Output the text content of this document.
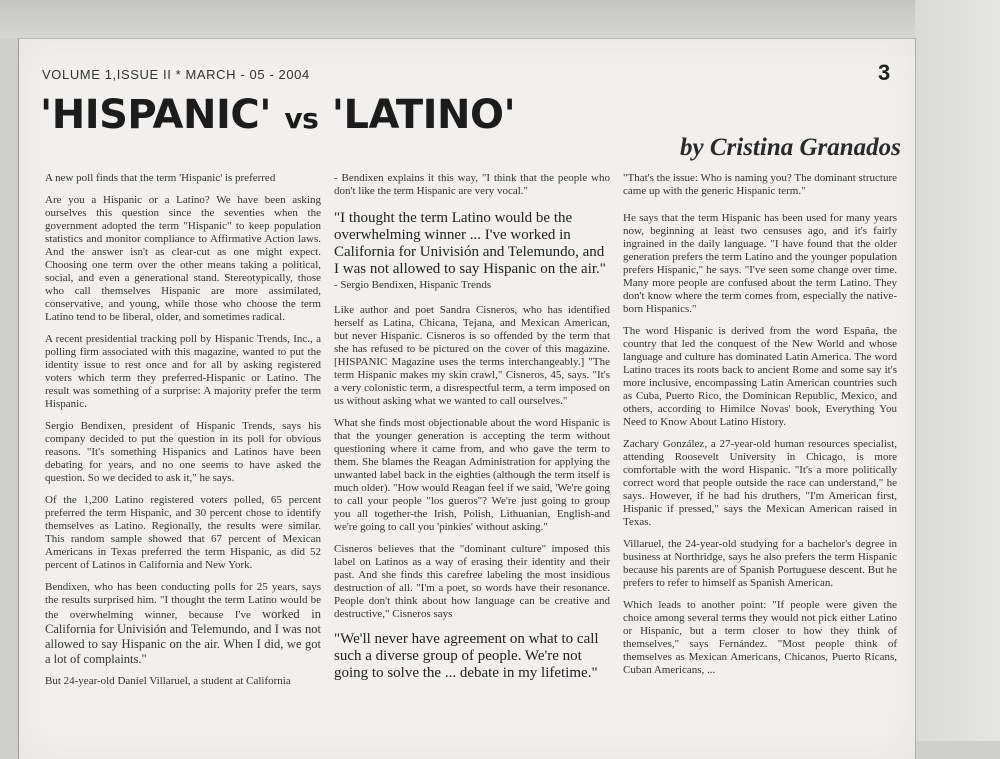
VOLUME 1,ISSUE II * MARCH - 05 - 2004	3
'HISPANIC' vs 'LATINO'
by Cristina Granados

A new poll finds that the term 'Hispanic' is preferred

Are you a Hispanic or a Latino? We have been asking ourselves this question since the seventies when the government adopted the term "Hispanic" to keep population statistics and monitor compliance to Affirmative Action laws. And the answer isn't as clear-cut as one might expect. Choosing one term over the other means taking a political, social, and even a generational stand. Stereotypically, those who call themselves Hispanic are more assimilated, conservative, and young, while those who choose the term Latino tend to be liberal, older, and sometimes radical.

A recent presidential tracking poll by Hispanic Trends, Inc., a polling firm associated with this magazine, wanted to put the identity issue to rest once and for all by asking registered voters which term they preferred-Hispanic or Latino. The result was something of a surprise: A majority prefer the term Hispanic.

Sergio Bendixen, president of Hispanic Trends, says his company decided to put the question in its poll for obvious reasons. "It's something Hispanics and Latinos have been debating for years, and no one seems to have asked the question. So we decided to ask it," he says.

Of the 1,200 Latino registered voters polled, 65 percent preferred the term Hispanic, and 30 percent chose to identify themselves as Latino. Regionally, the results were similar. This random sample showed that 67 percent of Mexican Americans in Texas preferred the term Hispanic, as did 52 percent of Latinos in California and New York.

Bendixen, who has been conducting polls for 25 years, says the results surprised him. "I thought the term Latino would be the overwhelming winner, because I've worked in California for Univisión and Telemundo, and I was not allowed to say Hispanic on the air. When I did, we got a lot of complaints."

But 24-year-old Daniel Villaruel, a student at California

- Bendixen explains it this way, "I think that the people who don't like the term Hispanic are very vocal."

"I thought the term Latino would be the overwhelming winner ... I've worked in California for Univisión and Telemundo, and I was not allowed to say Hispanic on the air."
- Sergio Bendixen, Hispanic Trends

Like author and poet Sandra Cisneros, who has identified herself as Latina, Chicana, Tejana, and Mexican American, but never Hispanic. Cisneros is so offended by the term that she has refused to be pictured on the cover of this magazine. [HISPANIC Magazine uses the terms interchangeably.] "The term Hispanic makes my skin crawl," Cisneros, 45, says. "It's a very colonistic term, a disrespectful term, a term imposed on us without asking what we wanted to call ourselves."

What she finds most objectionable about the word Hispanic is that the younger generation is accepting the term without questioning where it came from, and who gave the term to them. She blames the Reagan Administration for applying the unwanted label back in the eighties (although the term itself is much older). "How would Reagan feel if we said, 'We're going to call your people "los gueros"? We're just going to group you all together-the Irish, Polish, Lithuanian, English-and we're going to call you 'pinkies' without asking."

Cisneros believes that the "dominant culture" imposed this label on Latinos as a way of erasing their identity and their past. And she finds this carefree labeling the most insidious destruction of all. "I'm a poet, so words have their resonance. People don't think about how language can be creative and destructive," Cisneros says

"We'll never have agreement on what to call such a diverse group of people. We're not going to solve the ... debate in my lifetime."

"That's the issue: Who is naming you? The dominant structure came up with the generic Hispanic term."

He says that the term Hispanic has been used for many years now, beginning at least two censuses ago, and it's fairly ingrained in the daily language. "I have found that the older generation prefers the term Latino and the younger population prefers Hispanic," he says. "I've seen some change over time. Many more people are confused about the term Latino. They don't know where the term comes from, especially the native-born Hispanics."

The word Hispanic is derived from the word España, the country that led the conquest of the New World and whose language and culture has dominated Latin America. The word Latino traces its roots back to ancient Rome and some say it's more inclusive, encompassing Latin American countries such as Cuba, Puerto Rico, the Dominican Republic, Mexico, and others, according to Himilce Novas' book, Everything You Need to Know About Latino History.

Zachary González, a 27-year-old human resources specialist, attending Roosevelt University in Chicago, is more comfortable with the word Hispanic. "It's a more politically correct word that people outside the race can understand," he says. However, if he had his druthers, "I'm American first, Hispanic if pressed," says the Mexican American raised in Texas.

Villaruel, the 24-year-old studying for a bachelor's degree in business at Northridge, says he also prefers the term Hispanic because his parents are of Spanish Portuguese descent. But he prefers to refer to himself as Spanish American.

Which leads to another point: "If people were given the choice among several terms they would not pick either Latino or Hispanic, but a term closer to how they think of themselves," says Fernández. "Most people think of themselves as Mexican Americans, Chicanos, Puerto Ricans, Cuban Americans, ...
